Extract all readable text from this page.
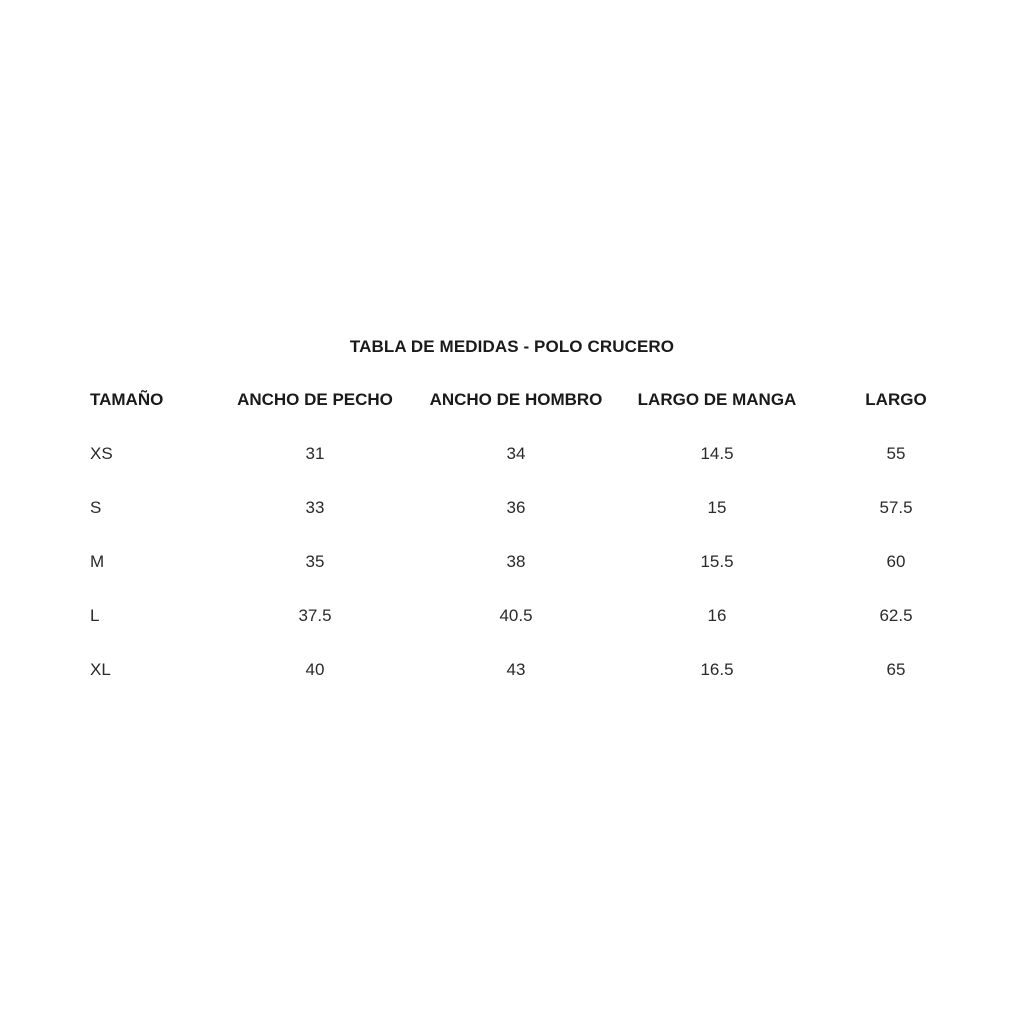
TABLA DE MEDIDAS - POLO CRUCERO
TAMAÑO	ANCHO DE PECHO	ANCHO DE HOMBRO	LARGO DE MANGA	LARGO
XS	31	34	14.5	55
S	33	36	15	57.5
M	35	38	15.5	60
L	37.5	40.5	16	62.5
XL	40	43	16.5	65
